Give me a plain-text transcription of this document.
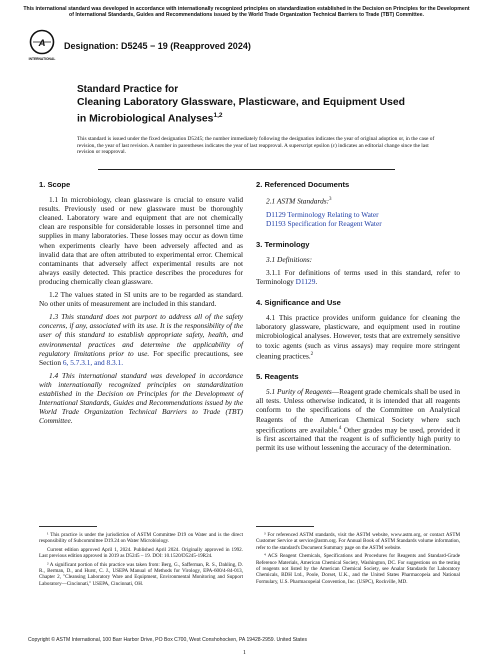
This international standard was developed in accordance with internationally recognized principles on standardization established in the Decision on Principles for the Development of International Standards, Guides and Recommendations issued by the World Trade Organization Technical Barriers to Trade (TBT) Committee.
A
INTERNATIONAL
Designation: D5245 − 19 (Reapproved 2024)
Standard Practice for
Cleaning Laboratory Glassware, Plasticware, and Equipment Used in Microbiological Analyses$^{1,2}$
This standard is issued under the fixed designation D5245; the number immediately following the designation indicates the year of original adoption or, in the case of revision, the year of last revision. A number in parentheses indicates the year of last reapproval. A superscript epsilon (ε) indicates an editorial change since the last revision or reapproval.
1. Scope

1.1 In microbiology, clean glassware is crucial to ensure valid results. Previously used or new glassware must be thoroughly cleaned. Laboratory ware and equipment that are not chemically clean are responsible for considerable losses in personnel time and supplies in many laboratories. These losses may occur as down time when experiments clearly have been adversely affected and as invalid data that are often attributed to experimental error. Chemical contaminants that adversely affect experimental results are not always easily detected. This practice describes the procedures for producing chemically clean glassware.

1.2 The values stated in SI units are to be regarded as standard. No other units of measurement are included in this standard.

1.3 This standard does not purport to address all of the safety concerns, if any, associated with its use. It is the responsibility of the user of this standard to establish appropriate safety, health, and environmental practices and determine the applicability of regulatory limitations prior to use. For specific precautions, see Section 6, 5.7.3.1, and 8.3.1.

1.4 This international standard was developed in accordance with internationally recognized principles on standardization established in the Decision on Principles for the Development of International Standards, Guides and Recommendations issued by the World Trade Organization Technical Barriers to Trade (TBT) Committee.

2. Referenced Documents

2.1 ASTM Standards:$^3$

D1129 Terminology Relating to Water

D1193 Specification for Reagent Water

3. Terminology

3.1 Definitions:

3.1.1 For definitions of terms used in this standard, refer to Terminology D1129.

4. Significance and Use

4.1 This practice provides uniform guidance for cleaning the laboratory glassware, plasticware, and equipment used in routine microbiological analyses. However, tests that are extremely sensitive to toxic agents (such as virus assays) may require more stringent cleaning practices.$^2$

5. Reagents

5.1 Purity of Reagents—Reagent grade chemicals shall be used in all tests. Unless otherwise indicated, it is intended that all reagents conform to the specifications of the Committee on Analytical Reagents of the American Chemical Society where such specifications are available.$^4$ Other grades may be used, provided it is first ascertained that the reagent is of sufficiently high purity to permit its use without lessening the accuracy of the determination.

¹ This practice is under the jurisdiction of ASTM Committee D19 on Water and is the direct responsibility of Subcommittee D19.24 on Water Microbiology.

Current edition approved April 1, 2024. Published April 2024. Originally approved in 1992. Last previous edition approved in 2019 as D5245 – 19. DOI: 10.1520/D5245-19R24.

² A significant portion of this practice was taken from: Berg, G., Safferman, R. S., Dahling, D. R., Berman, D., and Hurst, C. J., USEPA Manual of Methods for Virology, EPA-600/4-84-013, Chapter 2, "Cleansing Laboratory Ware and Equipment, Environmental Monitoring and Support Laboratory—Cincinnati," USEPA, Cincinnati, OH.

³ For referenced ASTM standards, visit the ASTM website, www.astm.org, or contact ASTM Customer Service at service@astm.org. For Annual Book of ASTM Standards volume information, refer to the standard's Document Summary page on the ASTM website.

⁴ ACS Reagent Chemicals, Specifications and Procedures for Reagents and Standard-Grade Reference Materials, American Chemical Society, Washington, DC. For suggestions on the testing of reagents not listed by the American Chemical Society, see Analar Standards for Laboratory Chemicals, BDH Ltd., Poole, Dorset, U.K., and the United States Pharmacopeia and National Formulary, U.S. Pharmacopeial Convention, Inc. (USPC), Rockville, MD.

Copyright © ASTM International, 100 Barr Harbor Drive, PO Box C700, West Conshohocken, PA 19428-2959. United States
1
